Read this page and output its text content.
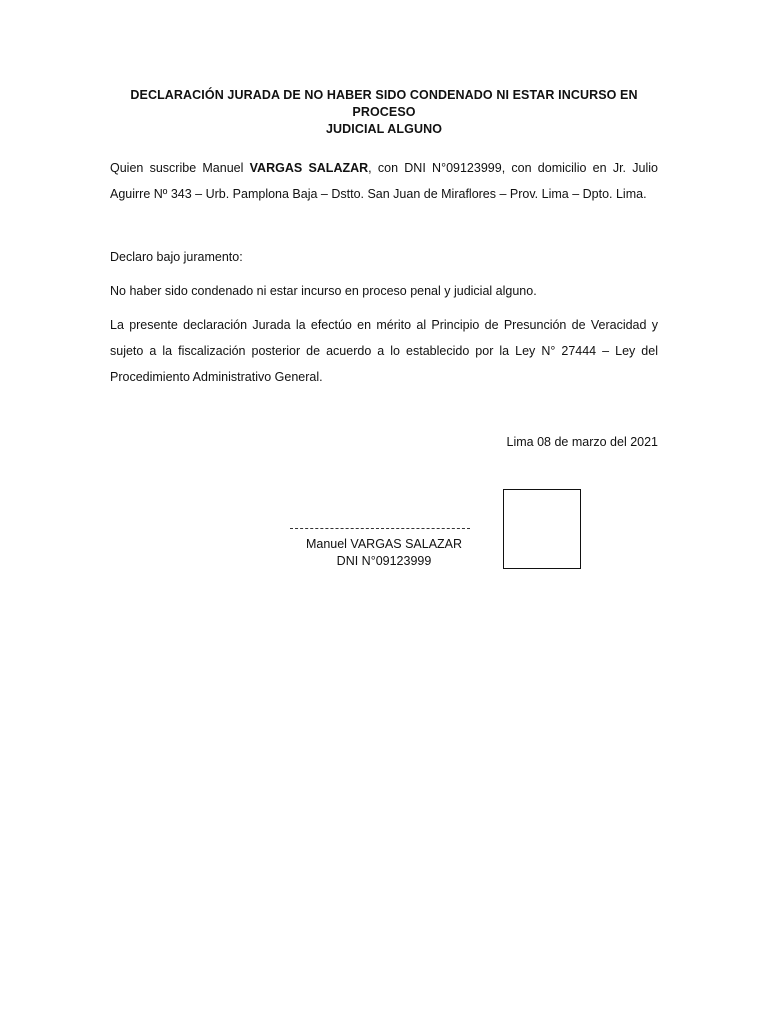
DECLARACIÓN JURADA DE NO HABER SIDO CONDENADO NI ESTAR INCURSO EN PROCESO
JUDICIAL ALGUNO
Quien suscribe Manuel VARGAS SALAZAR, con DNI N°09123999, con domicilio en Jr. Julio Aguirre Nº 343 – Urb. Pamplona Baja – Dstto. San Juan de Miraflores – Prov. Lima – Dpto. Lima.
Declaro bajo juramento:
No haber sido condenado ni estar incurso en proceso penal y judicial alguno.
La presente declaración Jurada la efectúo en mérito al Principio de Presunción de Veracidad y sujeto a la fiscalización posterior de acuerdo a lo establecido por la Ley N° 27444 – Ley del Procedimiento Administrativo General.
Lima 08 de marzo del 2021
Manuel VARGAS SALAZAR
DNI N°09123999
